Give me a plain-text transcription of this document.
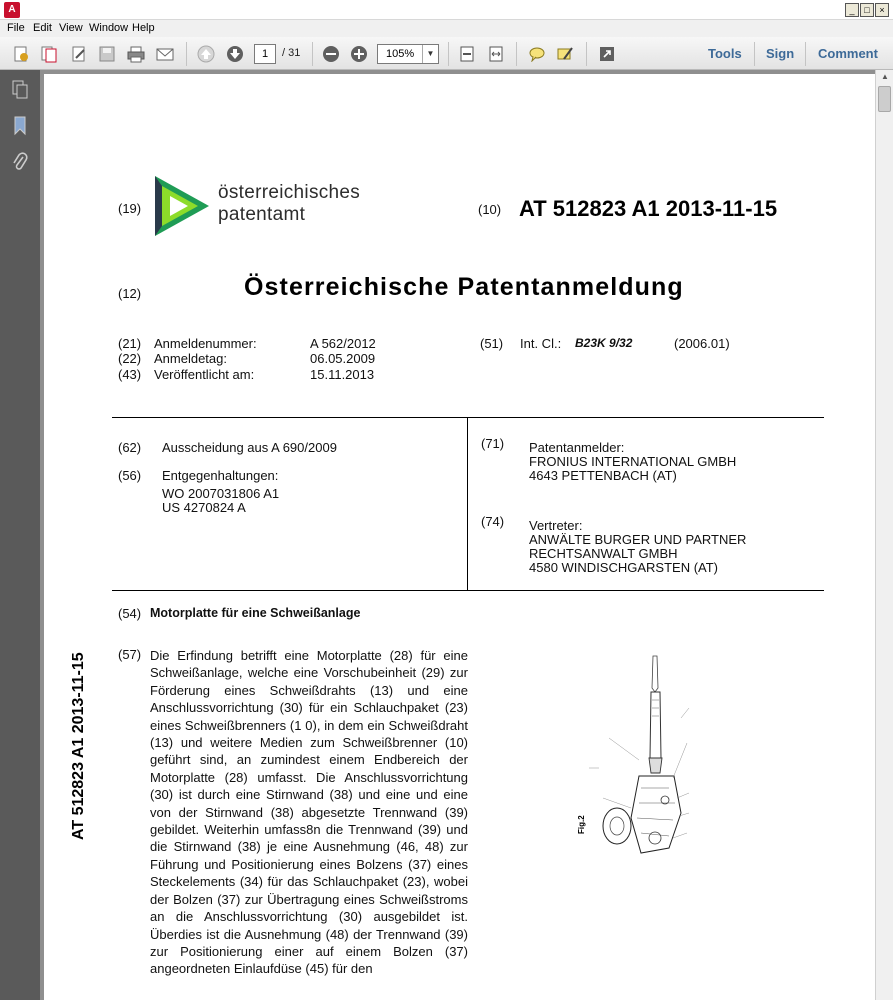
A	_	□	×
File Edit View Window Help
1	/ 31	105%	▼	Tools Sign Comment
(19)
österreichisches
patentamt	(10) AT 512823 A1 2013-11-15
(12)	Österreichische Patentanmeldung
(21) Anmeldenummer:	A 562/2012
(22) Anmeldetag:	06.05.2009
(43) Veröffentlicht am:	15.11.2013
(51) Int. Cl.: B23K 9/32	(2006.01)
(62) Ausscheidung aus A 690/2009
(56) Entgegenhaltungen:
WO 2007031806 A1
US 4270824 A
(71) Patentanmelder:
FRONIUS INTERNATIONAL GMBH
4643 PETTENBACH (AT)
(74) Vertreter:
ANWÄLTE BURGER UND PARTNER
RECHTSANWALT GMBH
4580 WINDISCHGARSTEN (AT)
AT 512823 A1 2013-11-15
(54) Motorplatte für eine Schweißanlage
(57) Die Erfindung betrifft eine Motorplatte (28) für eine Schweißanlage, welche eine Vorschubeinheit (29) zur Förderung eines Schweißdrahts (13) und eine Anschlussvorrichtung (30) für ein Schlauchpaket (23) eines Schweißbrenners (1 0), in dem ein Schweißdraht (13) und weitere Medien zum Schweißbrenner (10) geführt sind, an zumindest einem Endbereich der Motorplatte (28) umfasst. Die Anschlussvorrichtung (30) ist durch eine Stirnwand (38) und eine und eine von der Stirnwand (38) abgesetzte Trennwand (39) gebildet. Weiterhin umfass8n die Trennwand (39) und die Stirnwand (38) je eine Ausnehmung (46, 48) zur Führung und Positionierung eines Bolzens (37) eines Steckelements (34) für das Schlauchpaket (23), wobei der Bolzen (37) zur Übertragung eines Schweißstroms an die Anschlussvorrichtung (30) ausgebildet ist. Überdies ist die Ausnehmung (48) der Trennwand (39) zur Positionierung einer auf einem Bolzen (37) angeordneten Einlaufdüse (45) für den
Fig.2
▲
